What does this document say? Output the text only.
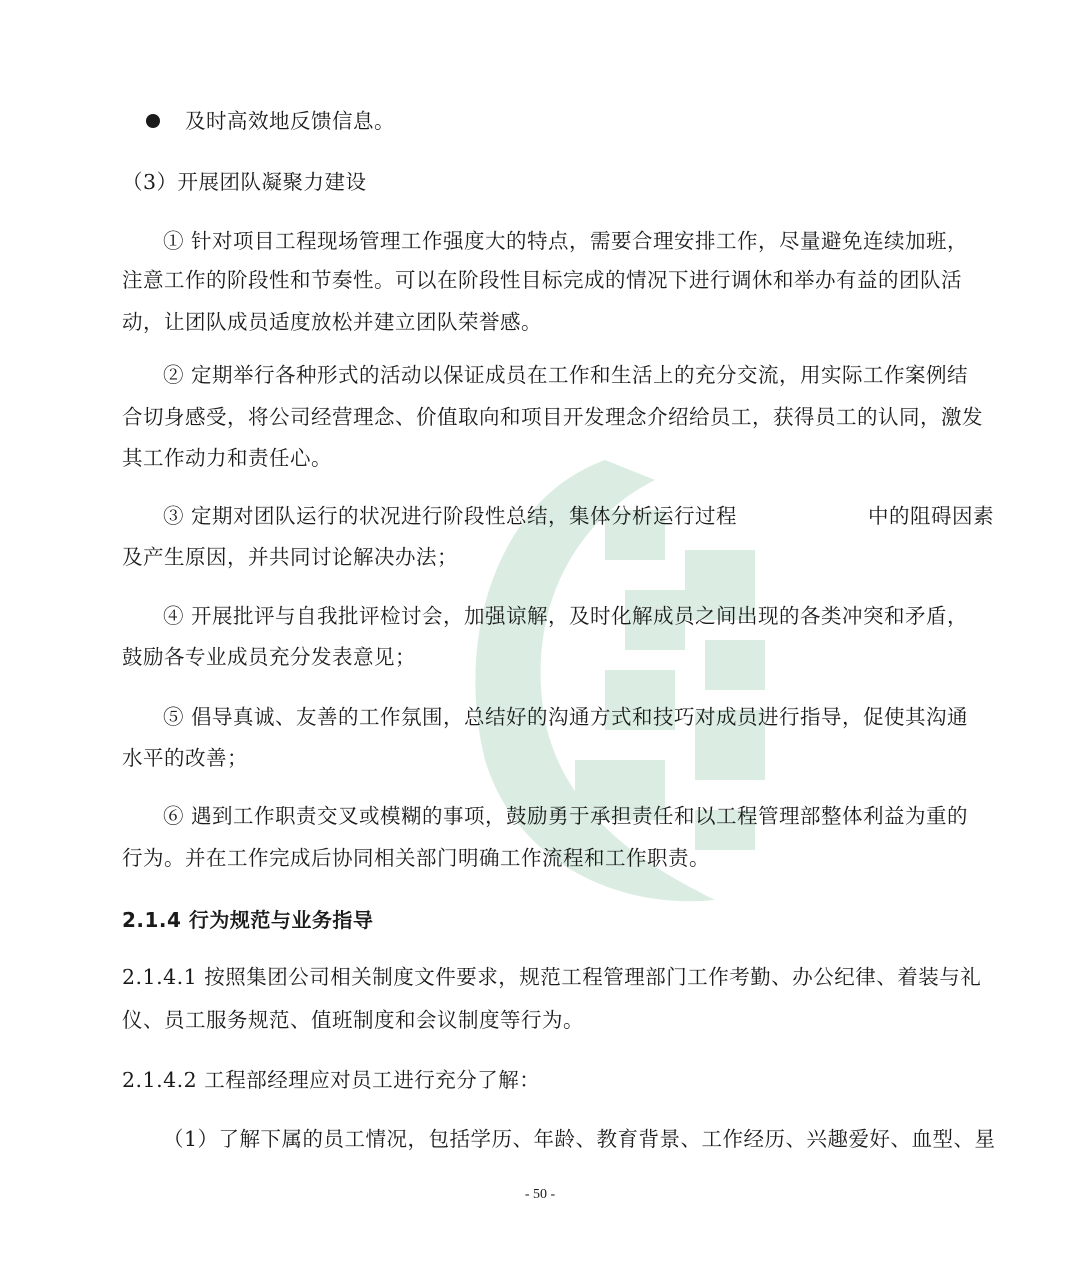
及时高效地反馈信息。
（3）开展团队凝聚力建设
① 针对项目工程现场管理工作强度大的特点，需要合理安排工作，尽量避免连续加班，
注意工作的阶段性和节奏性。可以在阶段性目标完成的情况下进行调休和举办有益的团队活
动，让团队成员适度放松并建立团队荣誉感。
② 定期举行各种形式的活动以保证成员在工作和生活上的充分交流，用实际工作案例结
合切身感受，将公司经营理念、价值取向和项目开发理念介绍给员工，获得员工的认同，激发
其工作动力和责任心。
③ 定期对团队运行的状况进行阶段性总结，集体分析运行过程	中的阻碍因素
及产生原因，并共同讨论解决办法；
④ 开展批评与自我批评检讨会，加强谅解，及时化解成员之间出现的各类冲突和矛盾，
鼓励各专业成员充分发表意见；
⑤ 倡导真诚、友善的工作氛围，总结好的沟通方式和技巧对成员进行指导，促使其沟通
水平的改善；
⑥ 遇到工作职责交叉或模糊的事项，鼓励勇于承担责任和以工程管理部整体利益为重的
行为。并在工作完成后协同相关部门明确工作流程和工作职责。
2.1.4 行为规范与业务指导
2.1.4.1 按照集团公司相关制度文件要求，规范工程管理部门工作考勤、办公纪律、着装与礼
仪、员工服务规范、值班制度和会议制度等行为。
2.1.4.2 工程部经理应对员工进行充分了解：
（1）了解下属的员工情况，包括学历、年龄、教育背景、工作经历、兴趣爱好、血型、星
- 50 -
